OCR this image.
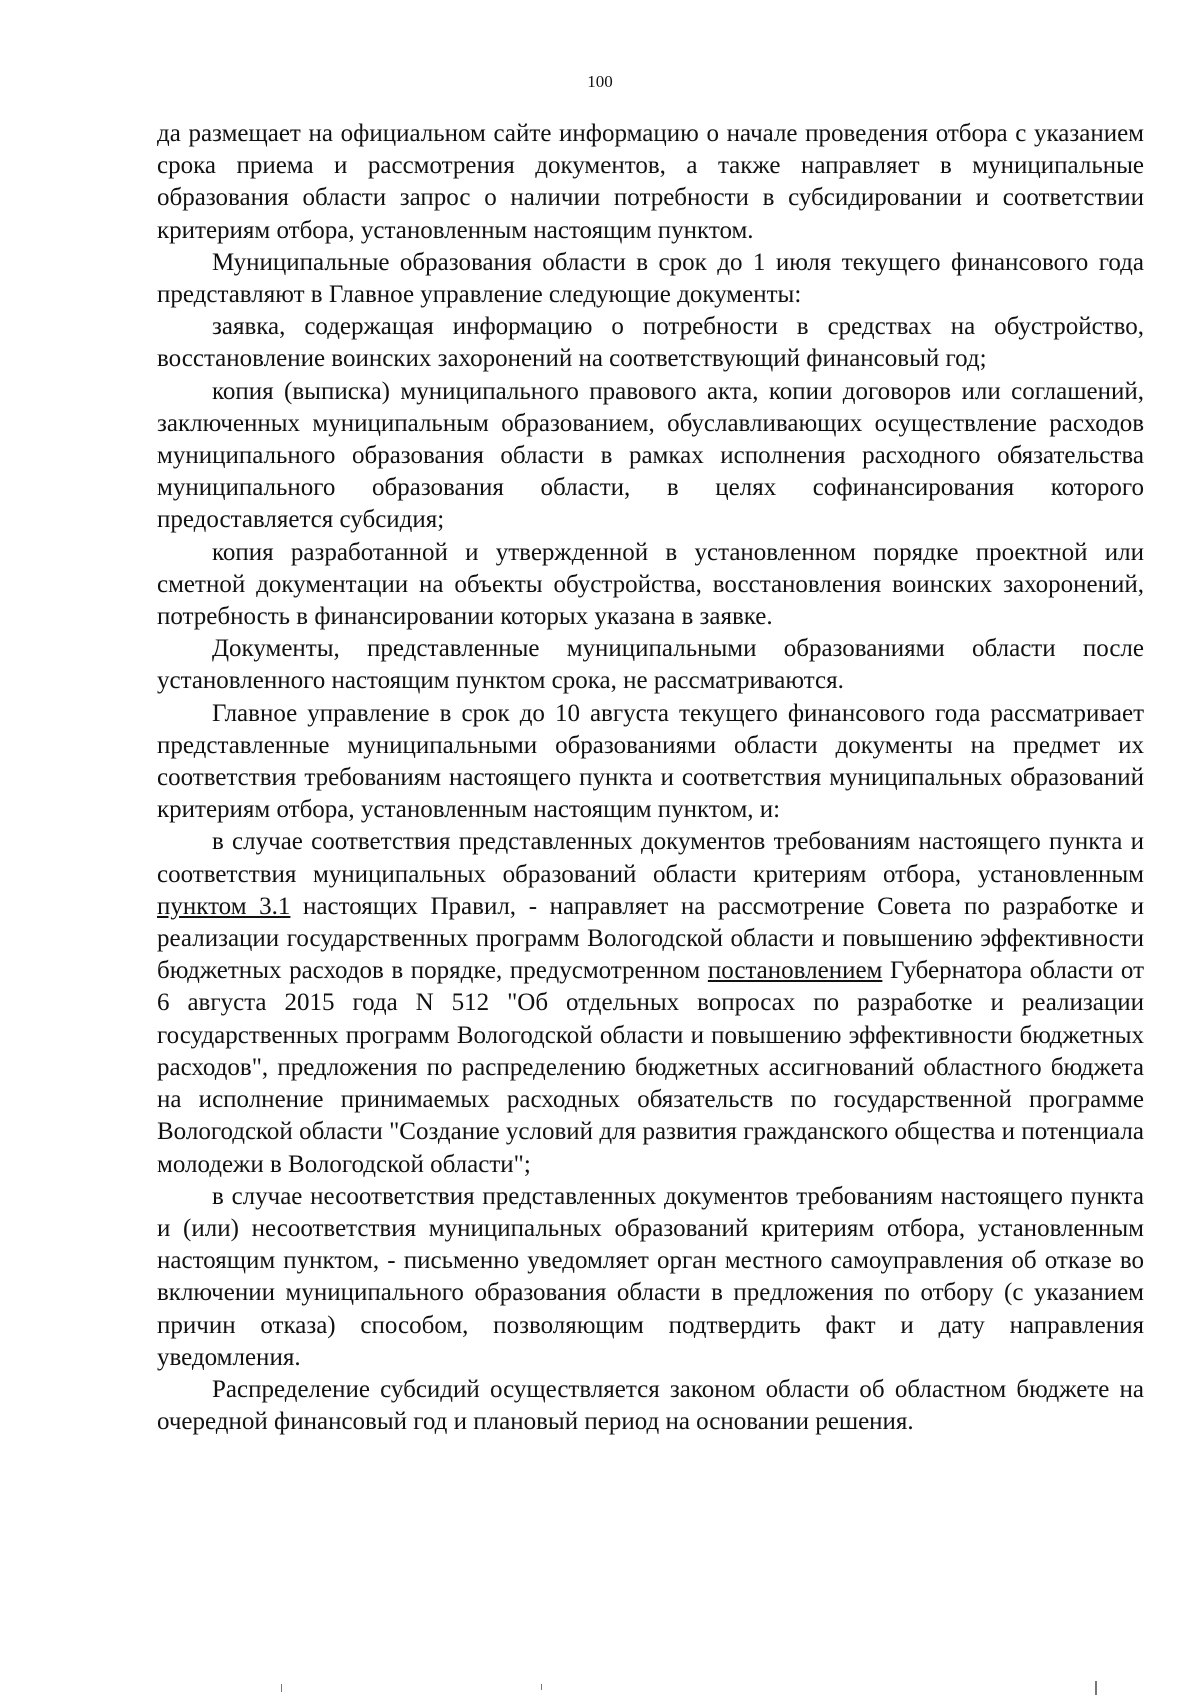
100

да размещает на официальном сайте информацию о начале проведения отбора с указанием срока приема и рассмотрения документов, а также направляет в муниципальные образования области запрос о наличии потребности в субсидировании и соответствии критериям отбора, установленным настоящим пунктом.

Муниципальные образования области в срок до 1 июля текущего финансового года представляют в Главное управление следующие документы:

заявка, содержащая информацию о потребности в средствах на обустройство, восстановление воинских захоронений на соответствующий финансовый год;

копия (выписка) муниципального правового акта, копии договоров или соглашений, заключенных муниципальным образованием, обуславливающих осуществление расходов муниципального образования области в рамках исполнения расходного обязательства муниципального образования области, в целях софинансирования которого предоставляется субсидия;

копия разработанной и утвержденной в установленном порядке проектной или сметной документации на объекты обустройства, восстановления воинских захоронений, потребность в финансировании которых указана в заявке.

Документы, представленные муниципальными образованиями области после установленного настоящим пунктом срока, не рассматриваются.

Главное управление в срок до 10 августа текущего финансового года рассматривает представленные муниципальными образованиями области документы на предмет их соответствия требованиям настоящего пункта и соответствия муниципальных образований критериям отбора, установленным настоящим пунктом, и:

в случае соответствия представленных документов требованиям настоящего пункта и соответствия муниципальных образований области критериям отбора, установленным пунктом 3.1 настоящих Правил, - направляет на рассмотрение Совета по разработке и реализации государственных программ Вологодской области и повышению эффективности бюджетных расходов в порядке, предусмотренном постановлением Губернатора области от 6 августа 2015 года N 512 "Об отдельных вопросах по разработке и реализации государственных программ Вологодской области и повышению эффективности бюджетных расходов", предложения по распределению бюджетных ассигнований областного бюджета на исполнение принимаемых расходных обязательств по государственной программе Вологодской области "Создание условий для развития гражданского общества и потенциала молодежи в Вологодской области";

в случае несоответствия представленных документов требованиям настоящего пункта и (или) несоответствия муниципальных образований критериям отбора, установленным настоящим пунктом, - письменно уведомляет орган местного самоуправления об отказе во включении муниципального образования области в предложения по отбору (с указанием причин отказа) способом, позволяющим подтвердить факт и дату направления уведомления.

Распределение субсидий осуществляется законом области об областном бюджете на очередной финансовый год и плановый период на основании решения.
